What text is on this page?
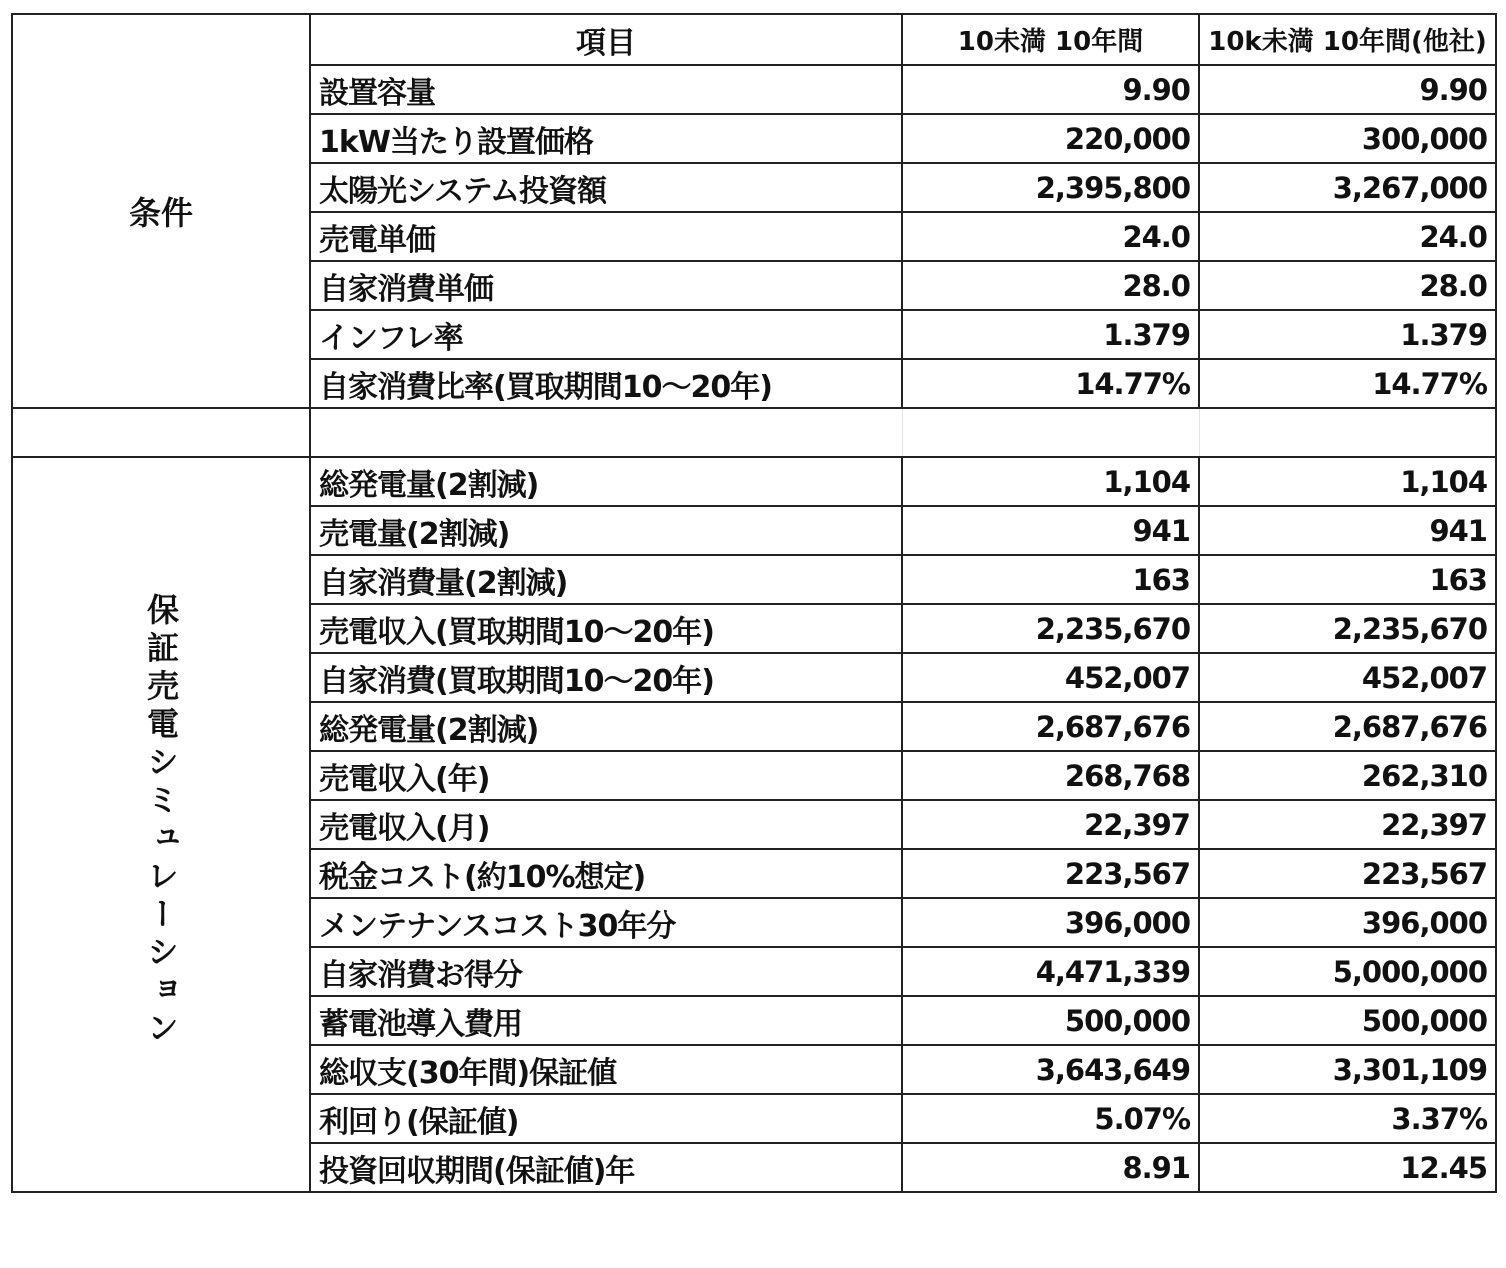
条件	項目	10未満 10年間	10k未満 10年間(他社)
	設置容量	9.90	9.90
	1kW当たり設置価格	220,000	300,000
	太陽光システム投資額	2,395,800	3,267,000
	売電単価	24.0	24.0
	自家消費単価	28.0	28.0
	インフレ率	1.379	1.379
	自家消費比率(買取期間10～20年)	14.77%	14.77%

保証売電シミュレーション	総発電量(2割減)	1,104	1,104
	売電量(2割減)	941	941
	自家消費量(2割減)	163	163
	売電収入(買取期間10～20年)	2,235,670	2,235,670
	自家消費(買取期間10～20年)	452,007	452,007
	総発電量(2割減)	2,687,676	2,687,676
	売電収入(年)	268,768	262,310
	売電収入(月)	22,397	22,397
	税金コスト(約10%想定)	223,567	223,567
	メンテナンスコスト30年分	396,000	396,000
	自家消費お得分	4,471,339	5,000,000
	蓄電池導入費用	500,000	500,000
	総収支(30年間)保証値	3,643,649	3,301,109
	利回り(保証値)	5.07%	3.37%
	投資回収期間(保証値)年	8.91	12.45
